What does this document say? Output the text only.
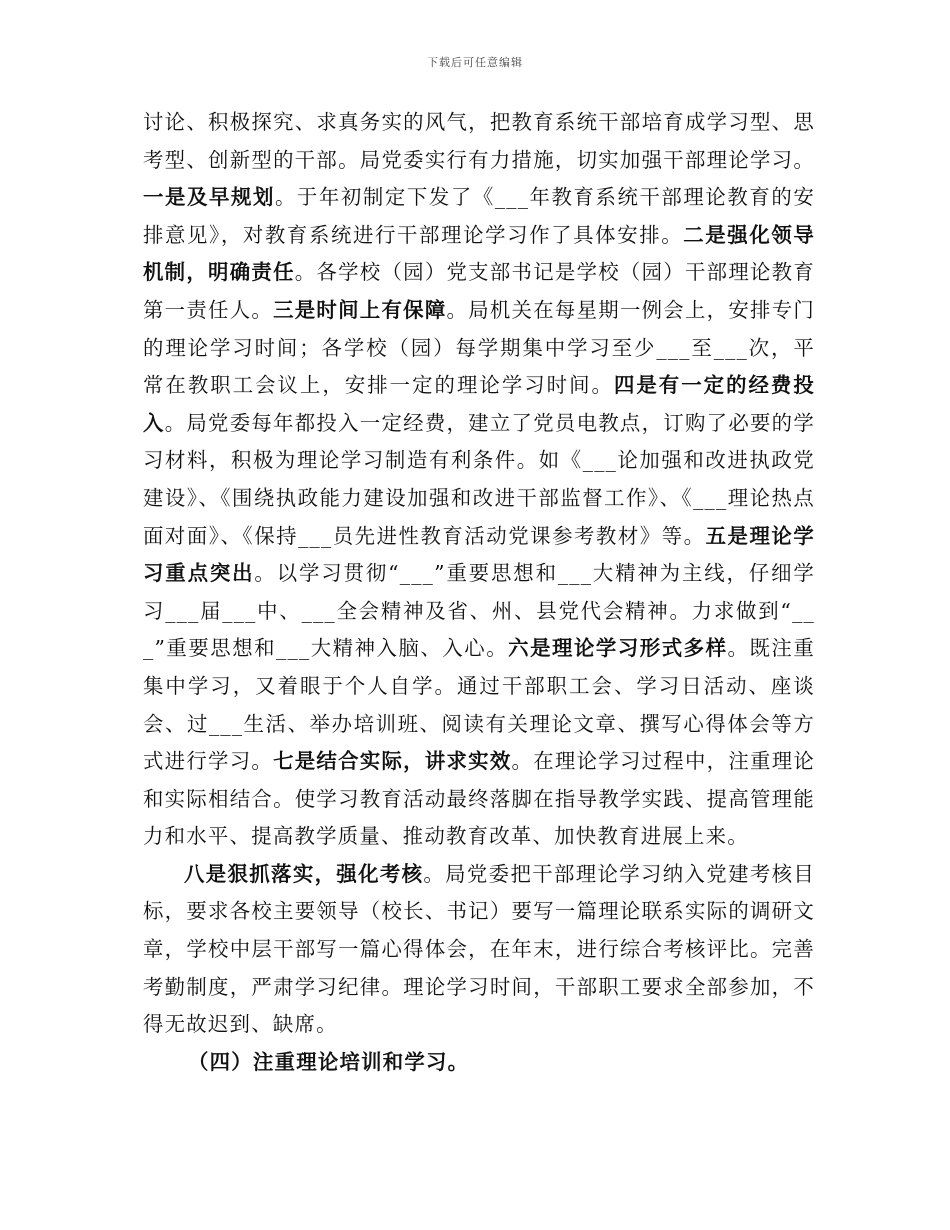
下载后可任意编辑

讨论、积极探究、求真务实的风气，把教育系统干部培育成学习型、思考型、创新型的干部。局党委实行有力措施，切实加强干部理论学习。一是及早规划。于年初制定下发了《___年教育系统干部理论教育的安排意见》，对教育系统进行干部理论学习作了具体安排。二是强化领导机制，明确责任。各学校（园）党支部书记是学校（园）干部理论教育第一责任人。三是时间上有保障。局机关在每星期一例会上，安排专门的理论学习时间；各学校（园）每学期集中学习至少___至___次，平常在教职工会议上，安排一定的理论学习时间。四是有一定的经费投入。局党委每年都投入一定经费，建立了党员电教点，订购了必要的学习材料，积极为理论学习制造有利条件。如《___论加强和改进执政党建设》、《围绕执政能力建设加强和改进干部监督工作》、《___理论热点面对面》、《保持___员先进性教育活动党课参考教材》等。五是理论学习重点突出。以学习贯彻“___”重要思想和___大精神为主线，仔细学习___届___中、___全会精神及省、州、县党代会精神。力求做到“___”重要思想和___大精神入脑、入心。六是理论学习形式多样。既注重集中学习，又着眼于个人自学。通过干部职工会、学习日活动、座谈会、过___生活、举办培训班、阅读有关理论文章、撰写心得体会等方式进行学习。七是结合实际，讲求实效。在理论学习过程中，注重理论和实际相结合。使学习教育活动最终落脚在指导教学实践、提高管理能力和水平、提高教学质量、推动教育改革、加快教育进展上来。

八是狠抓落实，强化考核。局党委把干部理论学习纳入党建考核目标，要求各校主要领导（校长、书记）要写一篇理论联系实际的调研文章，学校中层干部写一篇心得体会，在年末，进行综合考核评比。完善考勤制度，严肃学习纪律。理论学习时间，干部职工要求全部参加，不得无故迟到、缺席。

（四）注重理论培训和学习。
